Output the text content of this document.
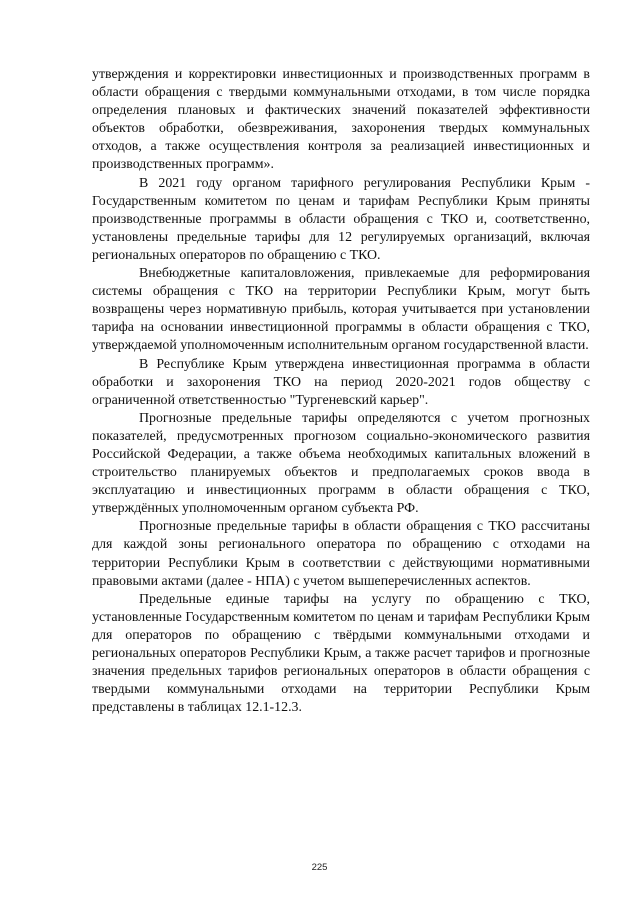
утверждения и корректировки инвестиционных и производственных программ в области обращения с твердыми коммунальными отходами, в том числе порядка определения плановых и фактических значений показателей эффективности объектов обработки, обезвреживания, захоронения твердых коммунальных отходов, а также осуществления контроля за реализацией инвестиционных и производственных программ».

В 2021 году органом тарифного регулирования Республики Крым - Государственным комитетом по ценам и тарифам Республики Крым приняты производственные программы в области обращения с ТКО и, соответственно, установлены предельные тарифы для 12 регулируемых организаций, включая региональных операторов по обращению с ТКО.

Внебюджетные капиталовложения, привлекаемые для реформирования системы обращения с ТКО на территории Республики Крым, могут быть возвращены через нормативную прибыль, которая учитывается при установлении тарифа на основании инвестиционной программы в области обращения с ТКО, утверждаемой уполномоченным исполнительным органом государственной власти.

В Республике Крым утверждена инвестиционная программа в области обработки и захоронения ТКО на период 2020-2021 годов обществу с ограниченной ответственностью "Тургеневский карьер".

Прогнозные предельные тарифы определяются с учетом прогнозных показателей, предусмотренных прогнозом социально-экономического развития Российской Федерации, а также объема необходимых капитальных вложений в строительство планируемых объектов и предполагаемых сроков ввода в эксплуатацию и инвестиционных программ в области обращения с ТКО, утверждённых уполномоченным органом субъекта РФ.

Прогнозные предельные тарифы в области обращения с ТКО рассчитаны для каждой зоны регионального оператора по обращению с отходами на территории Республики Крым в соответствии с действующими нормативными правовыми актами (далее - НПА) с учетом вышеперечисленных аспектов.

Предельные единые тарифы на услугу по обращению с ТКО, установленные Государственным комитетом по ценам и тарифам Республики Крым для операторов по обращению с твёрдыми коммунальными отходами и региональных операторов Республики Крым, а также расчет тарифов и прогнозные значения предельных тарифов региональных операторов в области обращения с твердыми коммунальными отходами на территории Республики Крым представлены в таблицах 12.1-12.3.

225
